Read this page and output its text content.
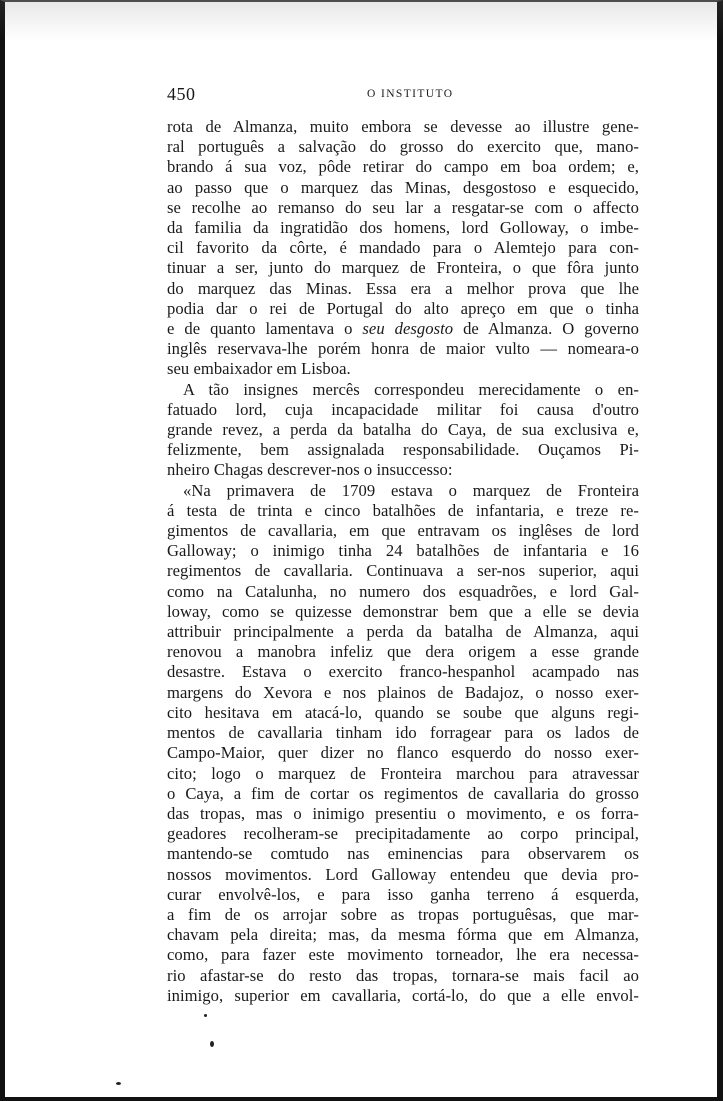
450	O INSTITUTO

rota de Almanza, muito embora se devesse ao illustre gene-

ral português a salvação do grosso do exercito que, mano-

brando á sua voz, pôde retirar do campo em boa ordem; e,

ao passo que o marquez das Minas, desgostoso e esquecido,

se recolhe ao remanso do seu lar a resgatar-se com o affecto

da familia da ingratidão dos homens, lord Golloway, o imbe-

cil favorito da côrte, é mandado para o Alemtejo para con-

tinuar a ser, junto do marquez de Fronteira, o que fôra junto

do marquez das Minas. Essa era a melhor prova que lhe

podia dar o rei de Portugal do alto apreço em que o tinha

e de quanto lamentava o seu desgosto de Almanza. O governo

inglês reservava-lhe porém honra de maior vulto — nomeara-o

seu embaixador em Lisboa.

A tão insignes mercês correspondeu merecidamente o en-

fatuado lord, cuja incapacidade militar foi causa d'outro

grande revez, a perda da batalha do Caya, de sua exclusiva e,

felizmente, bem assignalada responsabilidade. Ouçamos Pi-

nheiro Chagas descrever-nos o insuccesso:

«Na primavera de 1709 estava o marquez de Fronteira

á testa de trinta e cinco batalhões de infantaria, e treze re-

gimentos de cavallaria, em que entravam os inglêses de lord

Galloway; o inimigo tinha 24 batalhões de infantaria e 16

regimentos de cavallaria. Continuava a ser-nos superior, aqui

como na Catalunha, no numero dos esquadrões, e lord Gal-

loway, como se quizesse demonstrar bem que a elle se devia

attribuir principalmente a perda da batalha de Almanza, aqui

renovou a manobra infeliz que dera origem a esse grande

desastre. Estava o exercito franco-hespanhol acampado nas

margens do Xevora e nos plainos de Badajoz, o nosso exer-

cito hesitava em atacá-lo, quando se soube que alguns regi-

mentos de cavallaria tinham ido forragear para os lados de

Campo-Maior, quer dizer no flanco esquerdo do nosso exer-

cito; logo o marquez de Fronteira marchou para atravessar

o Caya, a fim de cortar os regimentos de cavallaria do grosso

das tropas, mas o inimigo presentiu o movimento, e os forra-

geadores recolheram-se precipitadamente ao corpo principal,

mantendo-se comtudo nas eminencias para observarem os

nossos movimentos. Lord Galloway entendeu que devia pro-

curar envolvê-los, e para isso ganha terreno á esquerda,

a fim de os arrojar sobre as tropas portuguêsas, que mar-

chavam pela direita; mas, da mesma fórma que em Almanza,

como, para fazer este movimento torneador, lhe era necessa-

rio afastar-se do resto das tropas, tornara-se mais facil ao

inimigo, superior em cavallaria, cortá-lo, do que a elle envol-
